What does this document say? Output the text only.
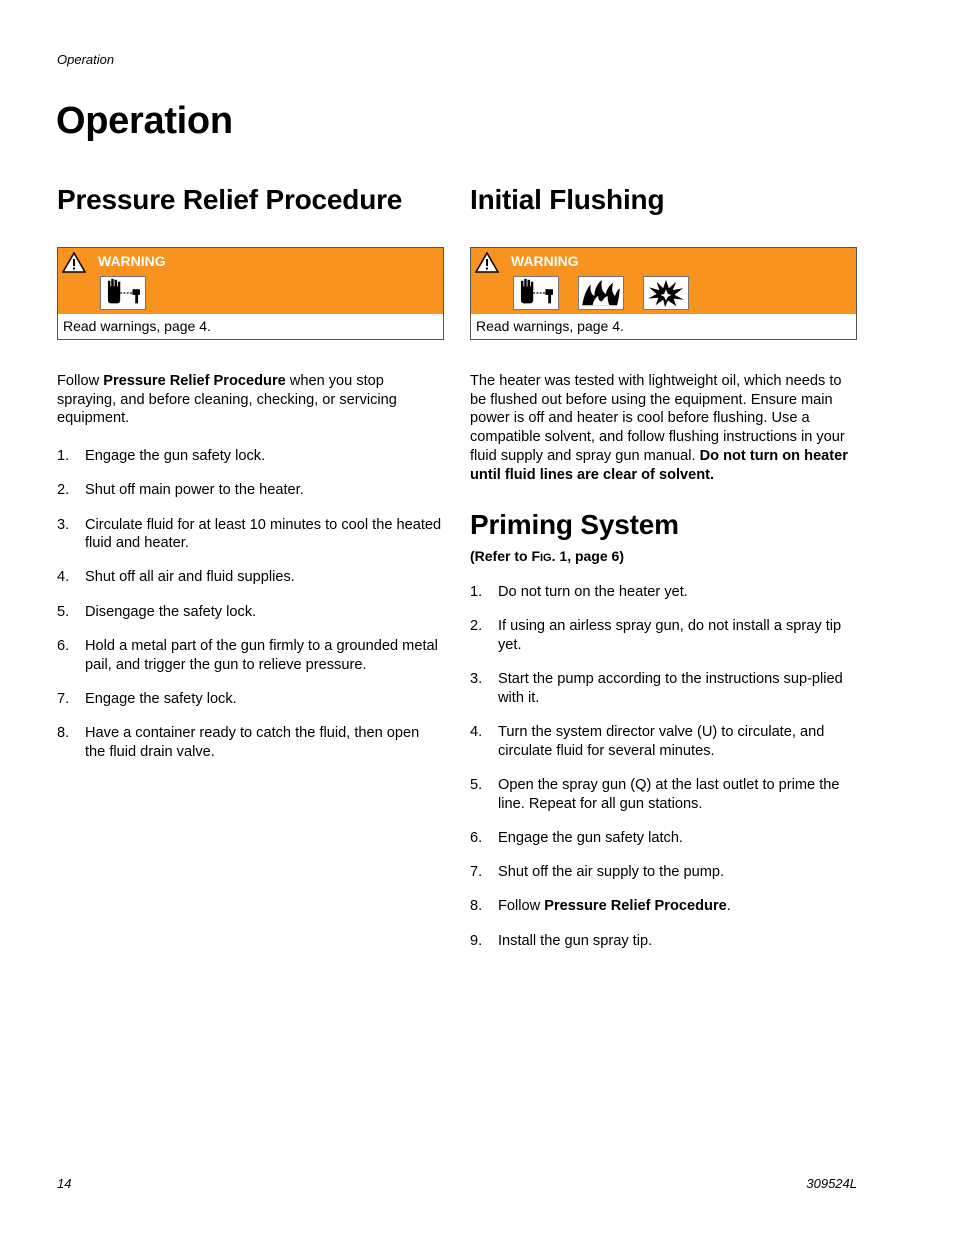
Operation
Operation
Pressure Relief Procedure
WARNING
Read warnings, page 4.

Follow Pressure Relief Procedure when you stop spraying, and before cleaning, checking, or servicing equipment.

1. Engage the gun safety lock.
2. Shut off main power to the heater.
3. Circulate fluid for at least 10 minutes to cool the heated fluid and heater.
4. Shut off all air and fluid supplies.
5. Disengage the safety lock.
6. Hold a metal part of the gun firmly to a grounded metal pail, and trigger the gun to relieve pressure.
7. Engage the safety lock.
8. Have a container ready to catch the fluid, then open the fluid drain valve.
Initial Flushing
WARNING
Read warnings, page 4.

The heater was tested with lightweight oil, which needs to be flushed out before using the equipment. Ensure main power is off and heater is cool before flushing. Use a compatible solvent, and follow flushing instructions in your fluid supply and spray gun manual. Do not turn on heater until fluid lines are clear of solvent.

Priming System
(Refer to FIG. 1, page 6)
1. Do not turn on the heater yet.
2. If using an airless spray gun, do not install a spray tip yet.
3. Start the pump according to the instructions sup-plied with it.
4. Turn the system director valve (U) to circulate, and circulate fluid for several minutes.
5. Open the spray gun (Q) at the last outlet to prime the line. Repeat for all gun stations.
6. Engage the gun safety latch.
7. Shut off the air supply to the pump.
8. Follow Pressure Relief Procedure.
9. Install the gun spray tip.
14	309524L
